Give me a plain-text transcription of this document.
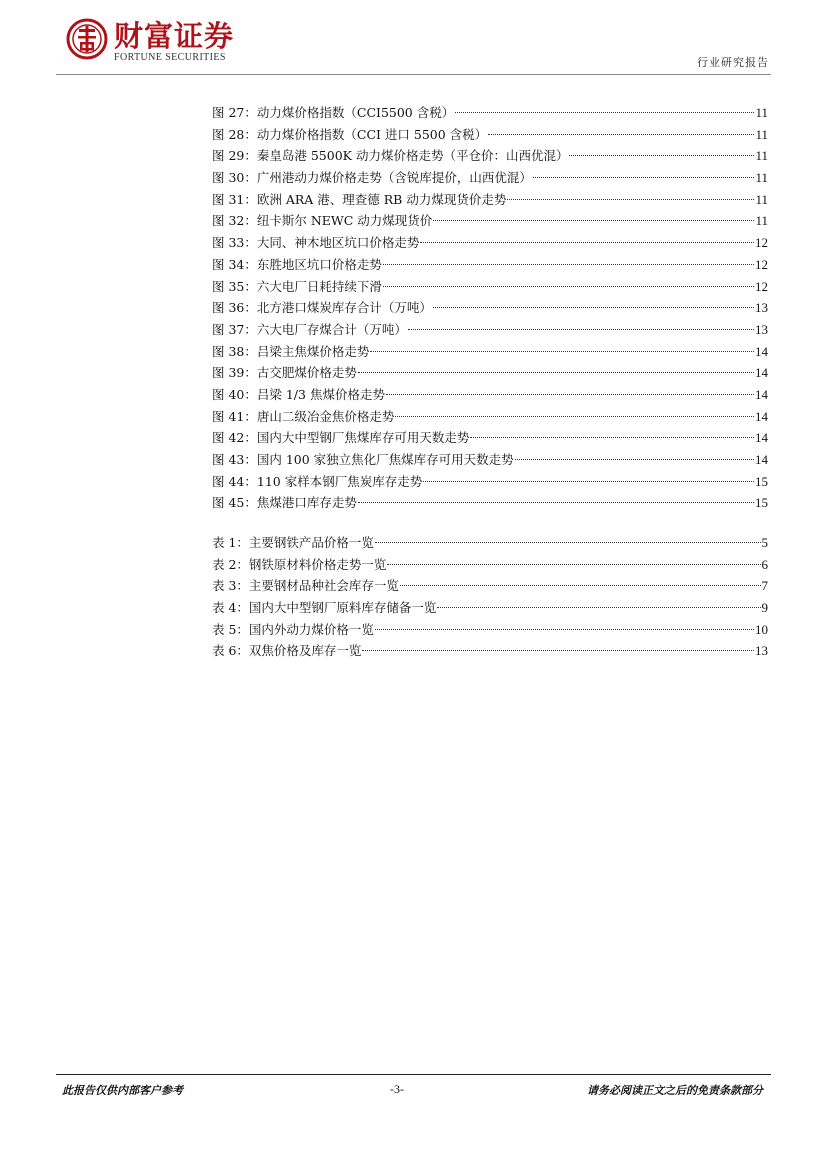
财富证券
FORTUNE SECURITIES	行业研究报告
图 27：动力煤价格指数（CCI5500 含税）	11
图 28：动力煤价格指数（CCI 进口 5500 含税）	11
图 29：秦皇岛港 5500K 动力煤价格走势（平仓价：山西优混）	11
图 30：广州港动力煤价格走势（含锐库提价，山西优混）	11
图 31：欧洲 ARA 港、理查德 RB 动力煤现货价走势	11
图 32：纽卡斯尔 NEWC 动力煤现货价	11
图 33：大同、神木地区坑口价格走势	12
图 34：东胜地区坑口价格走势	12
图 35：六大电厂日耗持续下滑	12
图 36：北方港口煤炭库存合计（万吨）	13
图 37：六大电厂存煤合计（万吨）	13
图 38：吕梁主焦煤价格走势	14
图 39：古交肥煤价格走势	14
图 40：吕梁 1/3 焦煤价格走势	14
图 41：唐山二级冶金焦价格走势	14
图 42：国内大中型钢厂焦煤库存可用天数走势	14
图 43：国内 100 家独立焦化厂焦煤库存可用天数走势	14
图 44：110 家样本钢厂焦炭库存走势	15
图 45：焦煤港口库存走势	15
表 1：主要钢铁产品价格一览	5
表 2：钢铁原材料价格走势一览	6
表 3：主要钢材品种社会库存一览	7
表 4：国内大中型钢厂原料库存储备一览	9
表 5：国内外动力煤价格一览	10
表 6：双焦价格及库存一览	13
此报告仅供内部客户参考	-3-	请务必阅读正文之后的免责条款部分
